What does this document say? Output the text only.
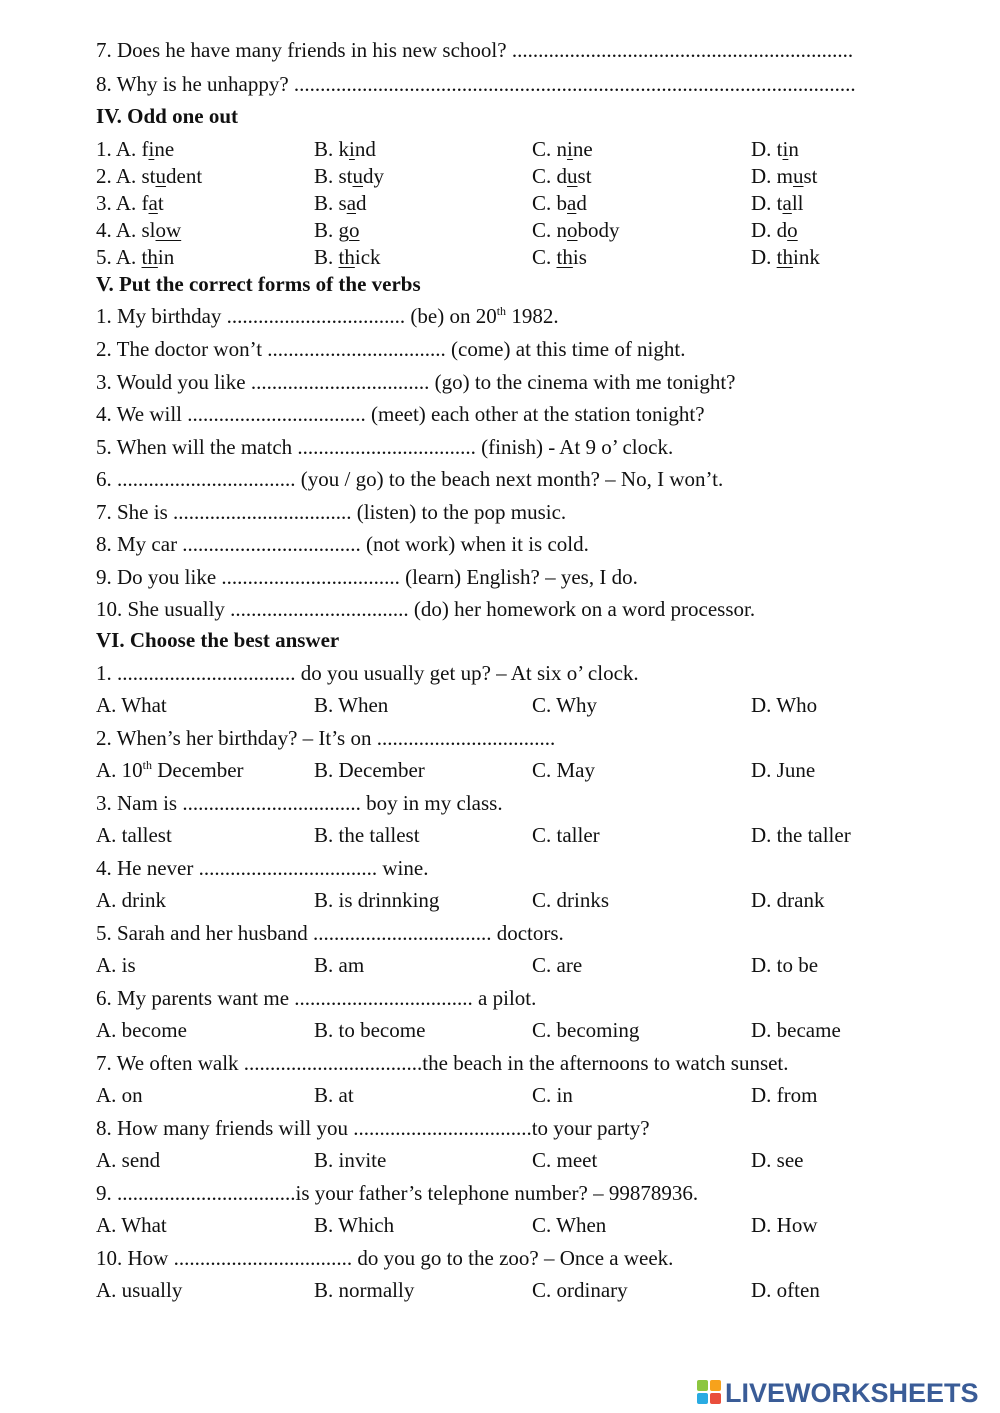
7. Does he have many friends in his new school? .................................................................
8. Why is he unhappy? ...........................................................................................................
IV. Odd one out
1. A. fine	B. kind	C. nine	D. tin
2. A. student	B. study	C. dust	D. must
3. A. fat	B. sad	C. bad	D. tall
4. A. slow	B. go	C. nobody	D. do
5. A. thin	B. thick	C. this	D. think
V. Put the correct forms of the verbs
1. My birthday .................................. (be) on 20th 1982.
2. The doctor won’t .................................. (come) at this time of night.
3. Would you like .................................. (go) to the cinema with me tonight?
4. We will .................................. (meet) each other at the station tonight?
5. When will the match .................................. (finish) - At 9 o’ clock.
6. .................................. (you / go) to the beach next month? – No, I won’t.
7. She is .................................. (listen) to the pop music.
8. My car .................................. (not work) when it is cold.
9. Do you like .................................. (learn) English? – yes, I do.
10. She usually .................................. (do) her homework on a word processor.
VI. Choose the best answer
1. .................................. do you usually get up? – At six o’ clock.
A. What	B. When	C. Why	D. Who
2. When’s her birthday? – It’s on ..................................
A. 10th December	B. December	C. May	D. June
3. Nam is .................................. boy in my class.
A. tallest	B. the tallest	C. taller	D. the taller
4. He never .................................. wine.
A. drink	B. is drinnking	C. drinks	D. drank
5. Sarah and her husband .................................. doctors.
A. is	B. am	C. are	D. to be
6. My parents want me .................................. a pilot.
A. become	B. to become	C. becoming	D. became
7. We often walk ..................................the beach in the afternoons to watch sunset.
A. on	B. at	C. in	D. from
8. How many friends will you ..................................to your party?
A. send	B. invite	C. meet	D. see
9. ..................................is your father’s telephone number? – 99878936.
A. What	B. Which	C. When	D. How
10. How .................................. do you go to the zoo? – Once a week.
A. usually	B. normally	C. ordinary	D. often
LIVEWORKSHEETS
